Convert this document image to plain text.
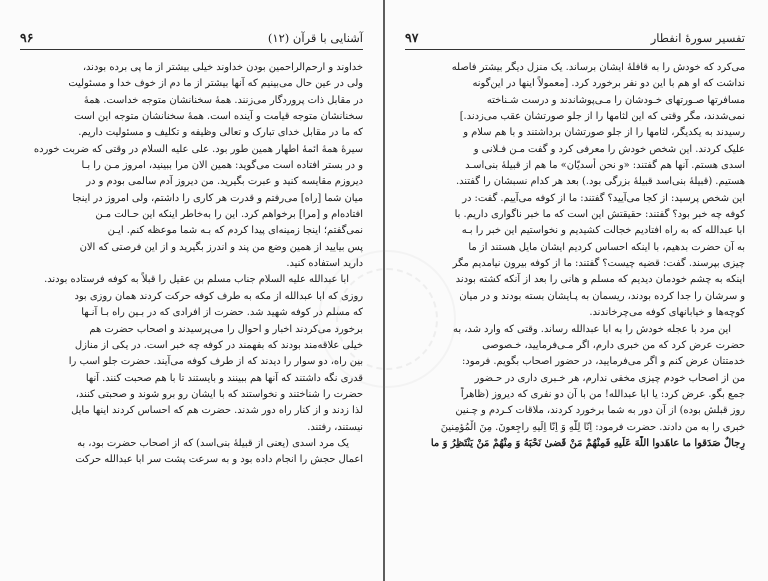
۹۶	آشنایی با قرآن (۱۲)
خداوند و ارحم‌الراحمین بودن خداوند خیلی بیشتر از ما پی برده بودند،
ولی در عین حال می‌بینیم که آنها بیشتر از ما دم از خوف خدا و مسئولیت
در مقابل ذات پروردگار می‌زنند. همهٔ سخنانشان متوجه خداست. همهٔ
سخنانشان متوجه قیامت و آینده است. همهٔ سخنانشان متوجه این است
که ما در مقابل خدای تبارک و تعالی وظیفه و تکلیف و مسئولیت داریم.
سیرهٔ همهٔ ائمهٔ اطهار همین طور بود. علی علیه السلام در وقتی که ضربت خورده
و در بستر افتاده است می‌گوید: همین الان مرا ببینید، امروز مـن را بـا
دیروزم مقایسه کنید و عبرت بگیرید. من دیروز آدم سالمی بودم و در
میان شما [راه] می‌رفتم و قدرت هر کاری را داشتم، ولی امروز در اینجا
افتاده‌ام و [مرا] برخواهم کرد. این را به‌خاطر اینکه این حـالت مـن
نمی‌گفتم؛ اینجا زمینه‌ای پیدا کردم که بـه شما موعظه کنم. ایـن
پس بیایید از همین وضع من پند و اندرز بگیرید و از این فرصتی که الان
دارید استفاده کنید.
ابا عبدالله علیه السلام جناب مسلم بن عقیل را قبلاً به کوفه فرستاده بودند.
روزی که ابا عبدالله از مکه به طرف کوفه حرکت کردند همان روزی بود
که مسلم در کوفه شهید شد. حضرت از افرادی که در بـین راه بـا آنـها
برخورد می‌کردند اخبار و احوال را می‌پرسیدند و اصحاب حضرت هم
خیلی علاقه‌مند بودند که بفهمند در کوفه چه خبر است. در یکی از منازل
بین راه، دو سوار را دیدند که از طرف کوفه می‌آیند. حضرت جلو اسب را
قدری نگه داشتند که آنها هم ببینند و بایستند تا با هم صحبت کنند. آنها
حضرت را شناختند و نخواستند که با ایشان رو برو شوند و صحبتی کنند،
لذا زدند و از کنار راه دور شدند. حضرت هم که احساس کردند اینها مایل
نیستند، رفتند.
یک مرد اسدی (یعنی از قبیلهٔ بنی‌اسد) که از اصحاب حضرت بود، به
اعمال حجش را انجام داده بود و به سرعت پشت سر ابا عبدالله حرکت
۹۷	تفسیر سورهٔ انفطار
می‌کرد که خودش را به قافلهٔ ایشان برساند. یک منزل دیگر بیشتر فاصله
نداشت که او هم با این دو نفر برخورد کرد. [معمولاً اینها در این‌گونه
مسافرتها صـورتهای خـودشان را مـی‌پوشاندند و درست شـناخته
نمی‌شدند، مگر وقتی که این لثامها را از جلو صورتشان عقب می‌زدند.]
رسیدند به یکدیگر، لثامها را از جلو صورتشان برداشتند و با هم سلام و
علیک کردند. این شخص خودش را معرفی کرد و گفت مـن فـلانی و
اسدی هستم. آنها هم گفتند: «و نحن أسدیّان» ما هم از قبیلهٔ بنی‌اسـد
هستیم. (قبیلهٔ بنی‌اسد قبیلهٔ بزرگی بود.) بعد هر کدام نسبشان را گفتند.
این شخص پرسید: از کجا می‌آیید؟ گفتند: ما از کوفه می‌آییم. گفت: در
کوفه چه خبر بود؟ گفتند: حقیقتش این است که ما خبر ناگواری داریم. با
ابا عبدالله که به راه افتادیم خجالت کشیدیم و نخواستیم این خبر را بـه
به آن حضرت بدهیم، با اینکه احساس کردیم ایشان مایل هستند از ما
چیزی بپرسند. گفت: قضیه چیست؟ گفتند: ما از کوفه بیرون نیامدیم مگر
اینکه به چشم خودمان دیدیم که مسلم و هانی را بعد از آنکه کشته بودند
و سرشان را جدا کرده بودند، ریسمان به پـایشان بسته بودند و در میان
کوچه‌ها و خیابانهای کوفه می‌چرخاندند.
این مرد با عجله خودش را به ابا عبدالله رساند. وقتی که وارد شد، به
حضرت عرض کرد که من خبری دارم، اگر مـی‌فرمایید، خـصوصی
خدمتتان عرض کنم و اگر می‌فرمایید، در حضور اصحاب بگویم. فرمود:
من از اصحاب خودم چیزی مخفی ندارم، هر خـبری داری در حـضور
جمع بگو. عرض کرد: یا ابا عبدالله! من با آن دو نفری که دیروز (ظاهراً
روز قبلش بوده) از آن دور به شما برخورد کردند، ملاقات کـردم و چـنین
خبری را به من دادند. حضرت فرمود: اِنّا لِلّٰهِ وَ اِنّا اِلَیهِ راجِعونَ. مِنَ الْمُؤمِنینَ
رِجالٌ صَدَقوا ما عاهَدوا اللّٰهَ عَلَیهِ فَمِنْهُمْ مَنْ قَضیٰ نَحْبَهُ وَ مِنْهُمْ مَنْ یَنْتَظِرُ وَ ما
